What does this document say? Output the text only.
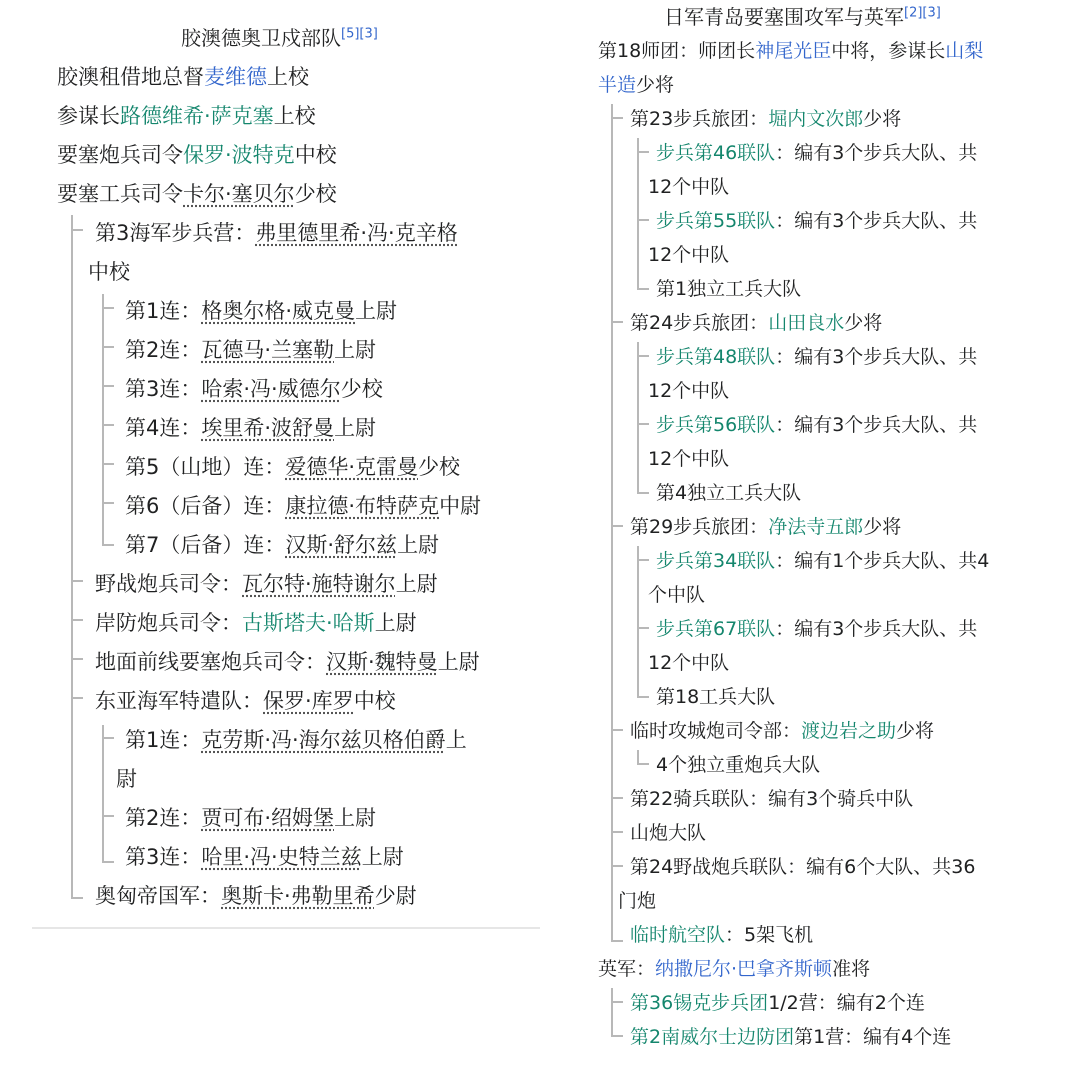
胶澳德奥卫戍部队[5][3]
日军青岛要塞围攻军与英军[2][3]
胶澳租借地总督麦维德上校
参谋长路德维希·萨克塞上校
要塞炮兵司令保罗·波特克中校
要塞工兵司令卡尔·塞贝尔少校
第3海军步兵营：弗里德里希·冯·克辛格
中校
第1连：格奥尔格·威克曼上尉
第2连：瓦德马·兰塞勒上尉
第3连：哈索·冯·威德尔少校
第4连：埃里希·波舒曼上尉
第5（山地）连：爱德华·克雷曼少校
第6（后备）连：康拉德·布特萨克中尉
第7（后备）连：汉斯·舒尔兹上尉
野战炮兵司令：瓦尔特·施特谢尔上尉
岸防炮兵司令：古斯塔夫·哈斯上尉
地面前线要塞炮兵司令：汉斯·魏特曼上尉
东亚海军特遣队：保罗·库罗中校
第1连：克劳斯·冯·海尔兹贝格伯爵上
尉
第2连：贾可布·绍姆堡上尉
第3连：哈里·冯·史特兰兹上尉
奥匈帝国军：奥斯卡·弗勒里希少尉
第18师团：师团长神尾光臣中将，参谋长山梨
半造少将
第23步兵旅团：堀内文次郎少将
步兵第46联队：编有3个步兵大队、共
12个中队
步兵第55联队：编有3个步兵大队、共
12个中队
第1独立工兵大队
第24步兵旅团：山田良水少将
步兵第48联队：编有3个步兵大队、共
12个中队
步兵第56联队：编有3个步兵大队、共
12个中队
第4独立工兵大队
第29步兵旅团：净法寺五郎少将
步兵第34联队：编有1个步兵大队、共4
个中队
步兵第67联队：编有3个步兵大队、共
12个中队
第18工兵大队
临时攻城炮司令部：渡边岩之助少将
4个独立重炮兵大队
第22骑兵联队：编有3个骑兵中队
山炮大队
第24野战炮兵联队：编有6个大队、共36
门炮
临时航空队：5架飞机
英军：纳撒尼尔·巴拿齐斯顿准将
第36锡克步兵团1/2营：编有2个连
第2南威尔士边防团第1营：编有4个连
